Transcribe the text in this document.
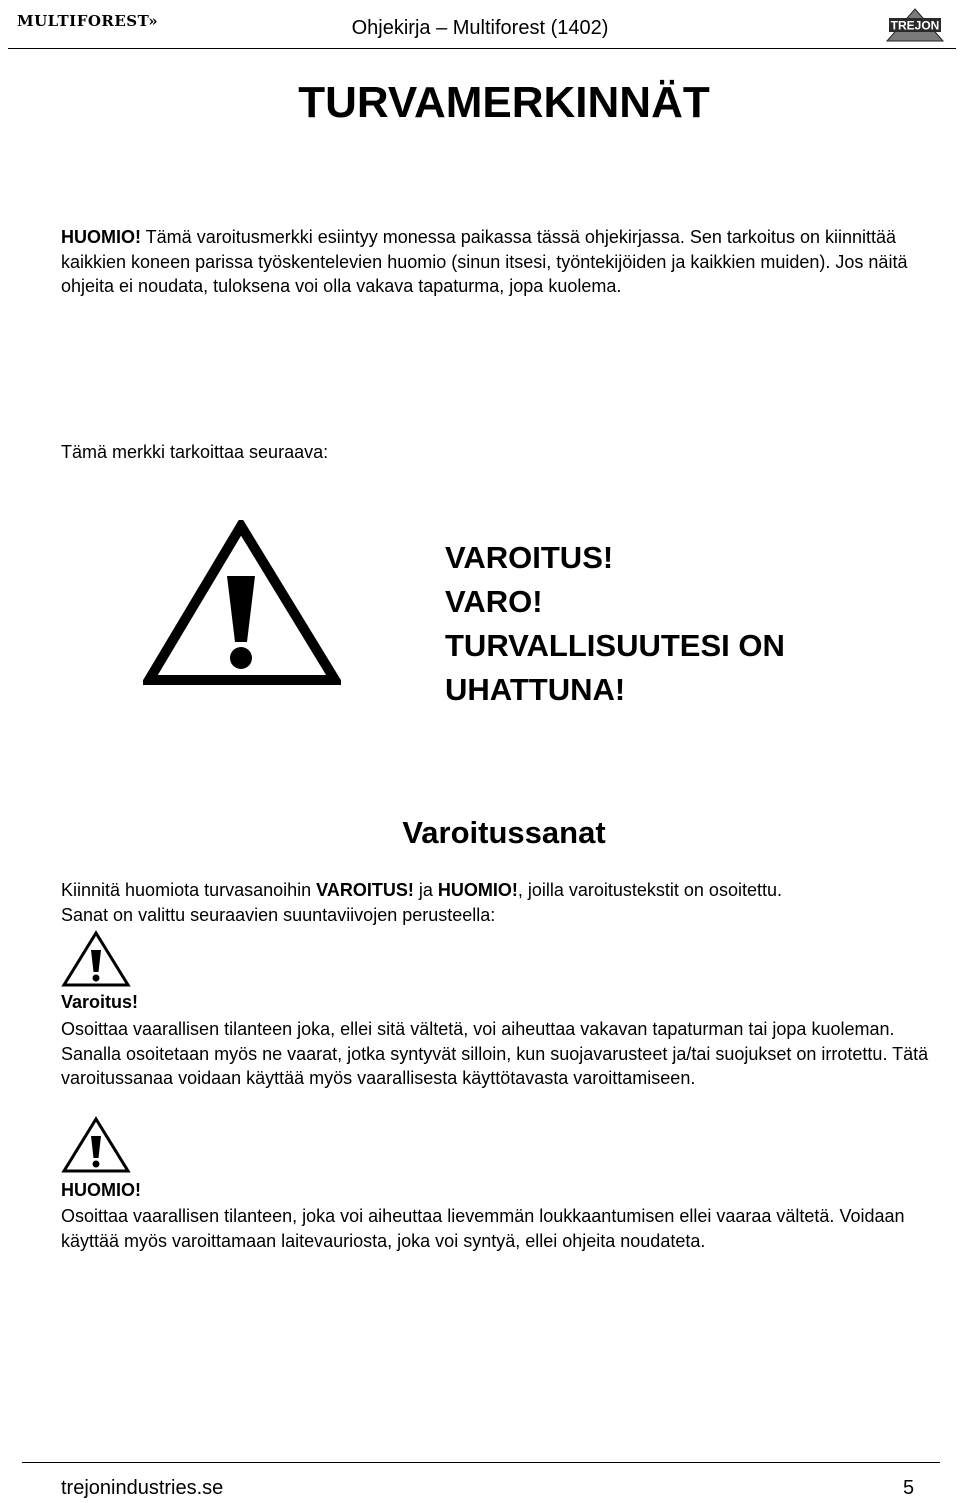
MULTIFOREST»	Ohjekirja – Multiforest (1402)	TREJON
TURVAMERKINNÄT
HUOMIO! Tämä varoitusmerkki esiintyy monessa paikassa tässä ohjekirjassa. Sen tarkoitus on kiinnittää kaikkien koneen parissa työskentelevien huomio (sinun itsesi, työntekijöiden ja kaikkien muiden). Jos näitä ohjeita ei noudata, tuloksena voi olla vakava tapaturma, jopa kuolema.
Tämä merkki tarkoittaa seuraava:
VAROITUS!
VARO!
TURVALLISUUTESI ON
UHATTUNA!
Varoitussanat
Kiinnitä huomiota turvasanoihin VAROITUS! ja HUOMIO!, joilla varoitustekstit on osoitettu.
Sanat on valittu seuraavien suuntaviivojen perusteella:
Varoitus!
Osoittaa vaarallisen tilanteen joka, ellei sitä vältetä, voi aiheuttaa vakavan tapaturman tai jopa kuoleman. Sanalla osoitetaan myös ne vaarat, jotka syntyvät silloin, kun suojavarusteet ja/tai suojukset on irrotettu. Tätä varoitussanaa voidaan käyttää myös vaarallisesta käyttötavasta varoittamiseen.
HUOMIO!
Osoittaa vaarallisen tilanteen, joka voi aiheuttaa lievemmän loukkaantumisen ellei vaaraa vältetä. Voidaan käyttää myös varoittamaan laitevauriosta, joka voi syntyä, ellei ohjeita noudateta.
trejonindustries.se	5
